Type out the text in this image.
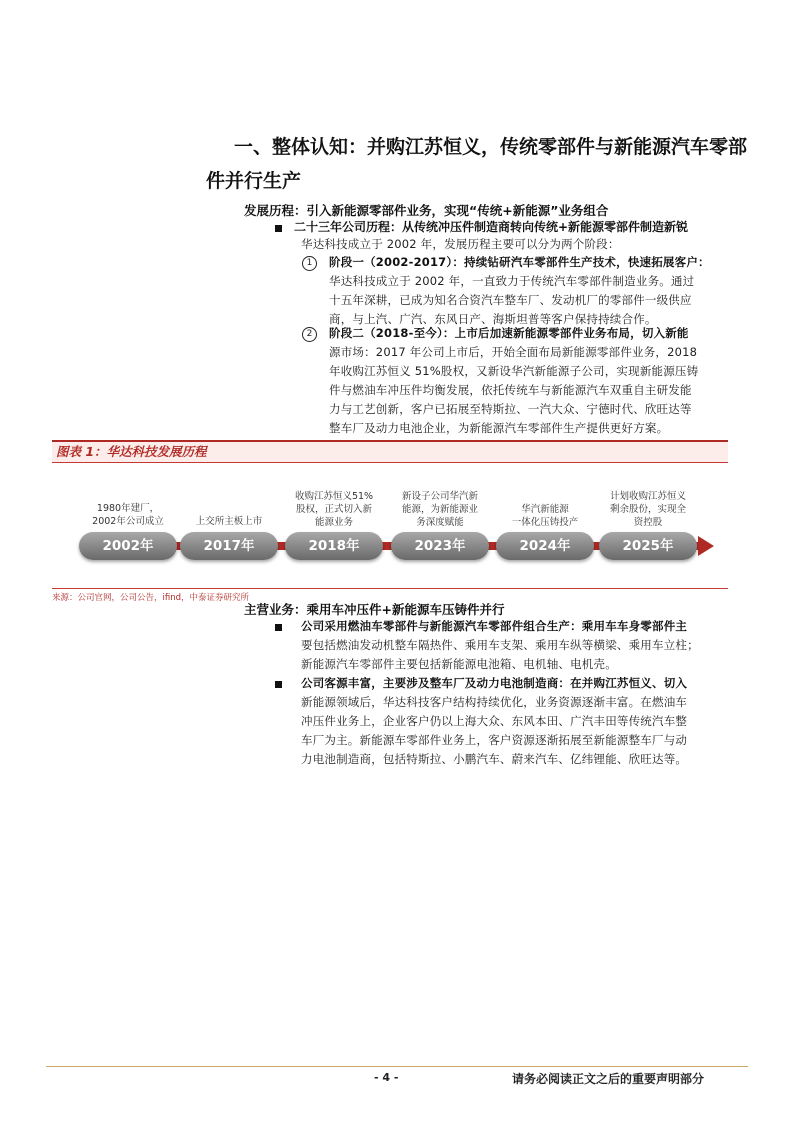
一、整体认知：并购江苏恒义，传统零部件与新能源汽车零部
件并行生产
发展历程：引入新能源零部件业务，实现“传统+新能源”业务组合
二十三年公司历程：从传统冲压件制造商转向传统+新能源零部件制造新锐
华达科技成立于 2002 年，发展历程主要可以分为两个阶段：
1	阶段一（2002-2017）：持续钻研汽车零部件生产技术，快速拓展客户：
华达科技成立于 2002 年，一直致力于传统汽车零部件制造业务。通过
十五年深耕，已成为知名合资汽车整车厂、发动机厂的零部件一级供应
商，与上汽、广汽、东风日产、海斯坦普等客户保持持续合作。
2	阶段二（2018-至今）：上市后加速新能源零部件业务布局，切入新能
源市场：2017 年公司上市后，开始全面布局新能源零部件业务，2018
年收购江苏恒义 51%股权，又新设华汽新能源子公司，实现新能源压铸
件与燃油车冲压件均衡发展，依托传统车与新能源汽车双重自主研发能
力与工艺创新，客户已拓展至特斯拉、一汽大众、宁德时代、欣旺达等
整车厂及动力电池企业，为新能源汽车零部件生产提供更好方案。
图表 1：华达科技发展历程
2002年	2017年	2018年	2023年	2024年	2025年
1980年建厂，
2002年公司成立	上交所主板上市
收购江苏恒义51%
股权，正式切入新
能源业务
新设子公司华汽新
能源，为新能源业
务深度赋能
华汽新能源
一体化压铸投产
计划收购江苏恒义
剩余股份，实现全
资控股
来源：公司官网，公司公告，ifind，中泰证券研究所
主营业务：乘用车冲压件+新能源车压铸件并行
公司采用燃油车零部件与新能源汽车零部件组合生产：乘用车车身零部件主
要包括燃油发动机整车隔热件、乘用车支架、乘用车纵等横梁、乘用车立柱；
新能源汽车零部件主要包括新能源电池箱、电机轴、电机壳。
公司客源丰富，主要涉及整车厂及动力电池制造商：在并购江苏恒义、切入
新能源领域后，华达科技客户结构持续优化，业务资源逐渐丰富。在燃油车
冲压件业务上，企业客户仍以上海大众、东风本田、广汽丰田等传统汽车整
车厂为主。新能源车零部件业务上，客户资源逐渐拓展至新能源整车厂与动
力电池制造商，包括特斯拉、小鹏汽车、蔚来汽车、亿纬锂能、欣旺达等。
- 4 -	请务必阅读正文之后的重要声明部分
